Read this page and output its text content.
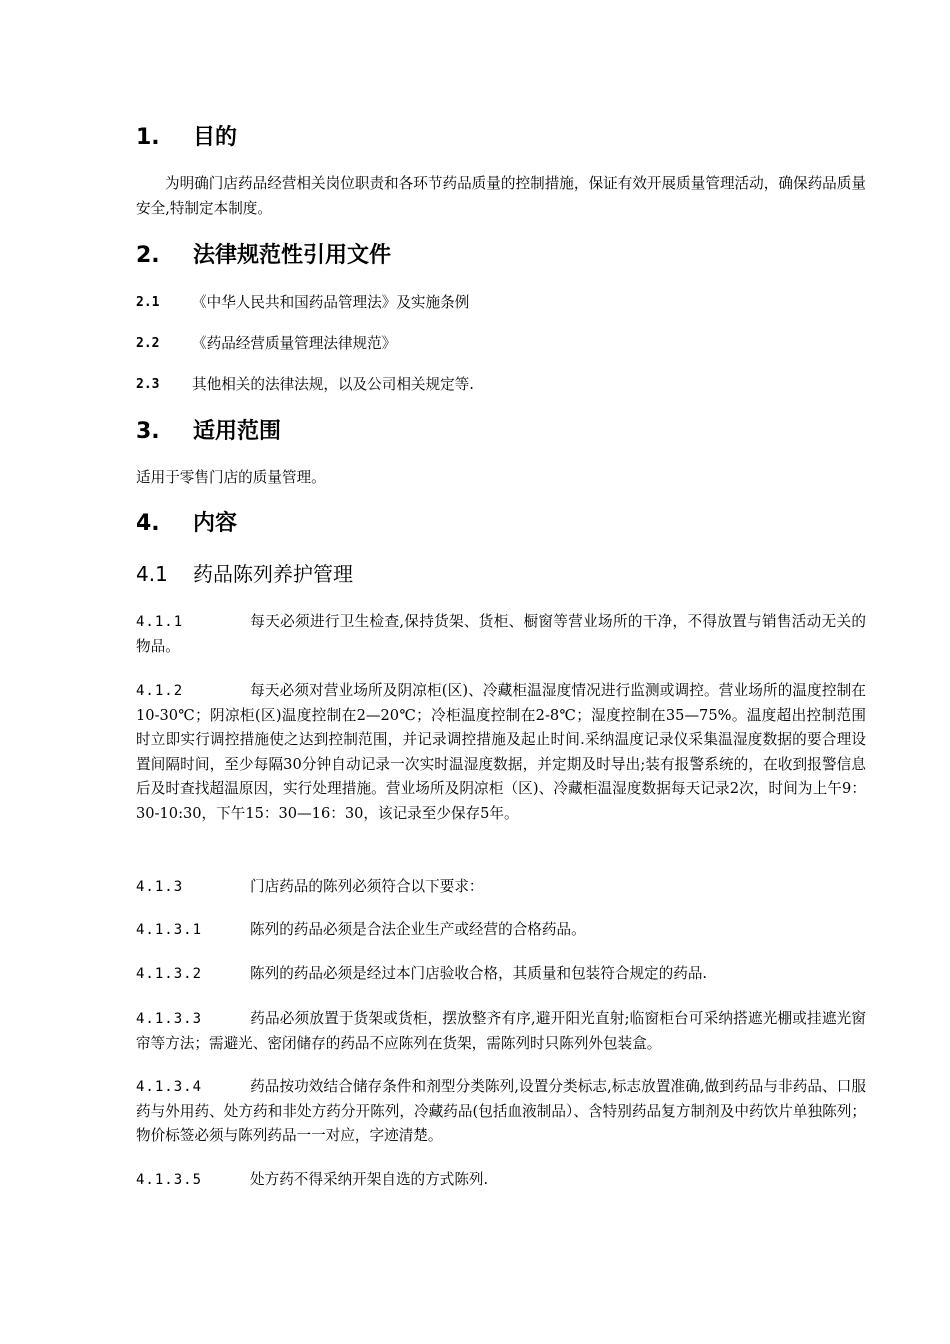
1. 目的
为明确门店药品经营相关岗位职责和各环节药品质量的控制措施，保证有效开展质量管理活动，确保药品质量安全,特制定本制度。
2. 法律规范性引用文件
2.1 《中华人民共和国药品管理法》及实施条例
2.2 《药品经营质量管理法律规范》
2.3 其他相关的法律法规，以及公司相关规定等.
3. 适用范围
适用于零售门店的质量管理。
4. 内容
4.1 药品陈列养护管理
4.1.1	每天必须进行卫生检查,保持货架、货柜、橱窗等营业场所的干净，不得放置与销售活动无关的物品。
4.1.2	每天必须对营业场所及阴凉柜(区)、冷藏柜温湿度情况进行监测或调控。营业场所的温度控制在10-30℃；阴凉柜(区)温度控制在2—20℃；冷柜温度控制在2-8℃；湿度控制在35—75%。温度超出控制范围时立即实行调控措施使之达到控制范围，并记录调控措施及起止时间.采纳温度记录仪采集温湿度数据的要合理设置间隔时间，至少每隔30分钟自动记录一次实时温湿度数据，并定期及时导出;装有报警系统的，在收到报警信息后及时查找超温原因，实行处理措施。营业场所及阴凉柜（区)、冷藏柜温湿度数据每天记录2次，时间为上午9：30-10:30，下午15：30—16：30，该记录至少保存5年。
4.1.3	门店药品的陈列必须符合以下要求：
4.1.3.1	陈列的药品必须是合法企业生产或经营的合格药品。
4.1.3.2	陈列的药品必须是经过本门店验收合格，其质量和包装符合规定的药品.
4.1.3.3	药品必须放置于货架或货柜，摆放整齐有序,避开阳光直射;临窗柜台可采纳搭遮光棚或挂遮光窗帘等方法；需避光、密闭储存的药品不应陈列在货架，需陈列时只陈列外包装盒。
4.1.3.4	药品按功效结合储存条件和剂型分类陈列,设置分类标志,标志放置准确,做到药品与非药品、口服药与外用药、处方药和非处方药分开陈列，冷藏药品(包括血液制品）、含特别药品复方制剂及中药饮片单独陈列；物价标签必须与陈列药品一一对应，字迹清楚。
4.1.3.5	处方药不得采纳开架自选的方式陈列.
